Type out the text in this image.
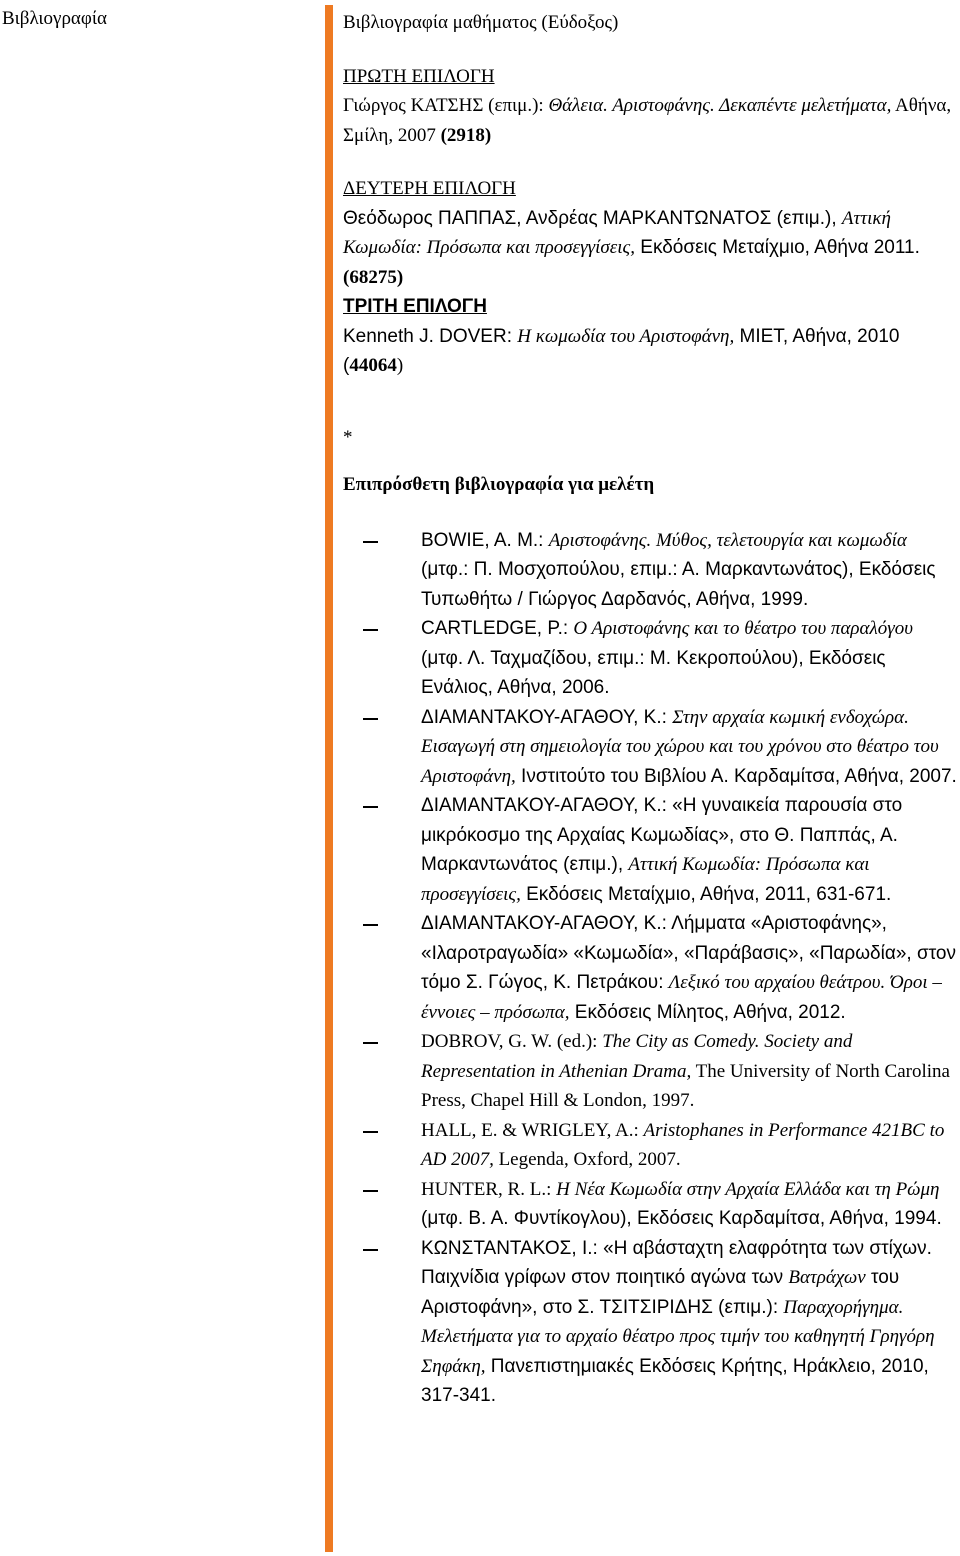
Βιβλιογραφία	Βιβλιογραφία μαθήματος (Εύδοξος)
ΠΡΩΤΗ ΕΠΙΛΟΓΗ
Γιώργος ΚΑΤΣΗΣ (επιμ.): Θάλεια. Αριστοφάνης. Δεκαπέντε μελετήματα, Αθήνα, Σμίλη, 2007 (2918)
ΔΕΥΤΕΡΗ ΕΠΙΛΟΓΗ
Θεόδωρος ΠΑΠΠΑΣ, Ανδρέας ΜΑΡΚΑΝΤΩΝΑΤΟΣ (επιμ.), Αττική Κωμωδία: Πρόσωπα και προσεγγίσεις, Εκδόσεις Μεταίχμιο, Αθήνα 2011. (68275)
ΤΡΙΤΗ ΕΠΙΛΟΓΗ
Kenneth J. DOVER: Η κωμωδία του Αριστοφάνη, ΜΙΕΤ, Αθήνα, 2010 (44064)
*
Επιπρόσθετη βιβλιογραφία για μελέτη
BOWIE, A. M.: Αριστοφάνης. Μύθος, τελετουργία και κωμωδία (μτφ.: Π. Μοσχοπούλου, επιμ.: Α. Μαρκαντωνάτος), Εκδόσεις Τυπωθήτω / Γιώργος Δαρδανός, Αθήνα, 1999.
CARTLEDGE, P.: Ο Αριστοφάνης και το θέατρο του παραλόγου (μτφ. Λ. Ταχμαζίδου, επιμ.: Μ. Κεκροπούλου), Εκδόσεις Ενάλιος, Αθήνα, 2006.
ΔΙΑΜΑΝΤΑΚΟΥ-ΑΓΑΘΟΥ, Κ.: Στην αρχαία κωμική ενδοχώρα. Εισαγωγή στη σημειολογία του χώρου και του χρόνου στο θέατρο του Αριστοφάνη, Ινστιτούτο του Βιβλίου Α. Καρδαμίτσα, Αθήνα, 2007.
ΔΙΑΜΑΝΤΑΚΟΥ-ΑΓΑΘΟΥ, Κ.: «Η γυναικεία παρουσία στο μικρόκοσμο της Αρχαίας Κωμωδίας», στο Θ. Παππάς, Α. Μαρκαντωνάτος (επιμ.), Αττική Κωμωδία: Πρόσωπα και προσεγγίσεις, Εκδόσεις Μεταίχμιο, Αθήνα, 2011, 631-671.
ΔΙΑΜΑΝΤΑΚΟΥ-ΑΓΑΘΟΥ, Κ.: Λήμματα «Αριστοφάνης», «Ιλαροτραγωδία» «Κωμωδία», «Παράβασις», «Παρωδία», στον τόμο Σ. Γώγος, Κ. Πετράκου: Λεξικό του αρχαίου θεάτρου. Όροι – έννοιες – πρόσωπα, Εκδόσεις Μίλητος, Αθήνα, 2012.
DOBROV, G. W. (ed.): The City as Comedy. Society and Representation in Athenian Drama, The University of North Carolina Press, Chapel Hill & London, 1997.
HALL, E. & WRIGLEY, A.: Aristophanes in Performance 421BC to AD 2007, Legenda, Oxford, 2007.
HUNTER, R. L.: Η Νέα Κωμωδία στην Αρχαία Ελλάδα και τη Ρώμη (μτφ. Β. Α. Φυντίκογλου), Εκδόσεις Καρδαμίτσα, Αθήνα, 1994.
ΚΩΝΣΤΑΝΤΑΚΟΣ, Ι.: «Η αβάσταχτη ελαφρότητα των στίχων. Παιχνίδια γρίφων στον ποιητικό αγώνα των Βατράχων του Αριστοφάνη», στο Σ. ΤΣΙΤΣΙΡΙΔΗΣ (επιμ.): Παραχορήγημα. Μελετήματα για το αρχαίο θέατρο προς τιμήν του καθηγητή Γρηγόρη Σηφάκη, Πανεπιστημιακές Εκδόσεις Κρήτης, Ηράκλειο, 2010, 317-341.
